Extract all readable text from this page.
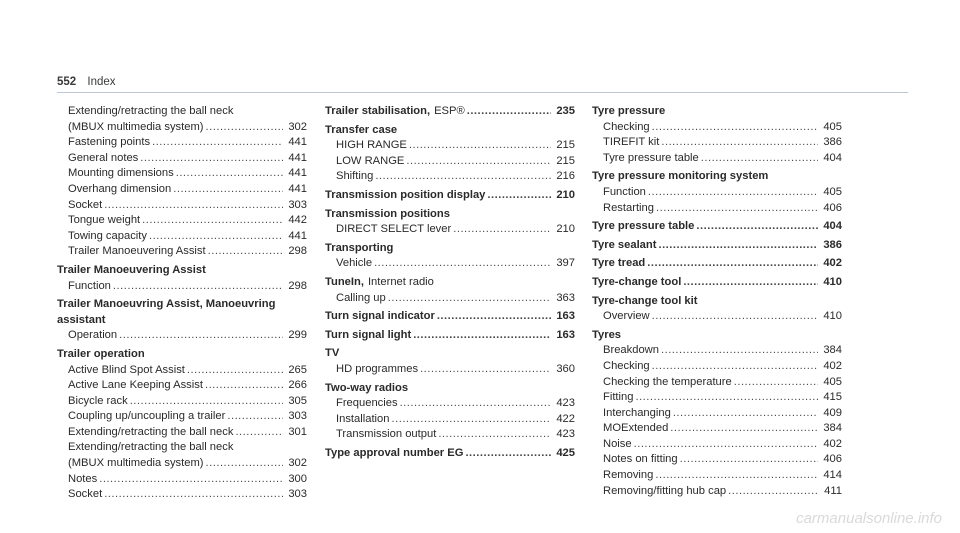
552 Index
Extending/retracting the ball neck
(MBUX multimedia system) .....	302
Fastening points .....	441
General notes .....	441
Mounting dimensions .....	441
Overhang dimension .....	441
Socket .....	303
Tongue weight .....	442
Towing capacity .....	441
Trailer Manoeuvering Assist .....	298
Trailer Manoeuvering Assist
Function .....	298
Trailer Manoeuvring Assist, Manoeuvring
assistant
Operation .....	299
Trailer operation
Active Blind Spot Assist .....	265
Active Lane Keeping Assist .....	266
Bicycle rack .....	305
Coupling up/uncoupling a trailer .....	303
Extending/retracting the ball neck .....	301
Extending/retracting the ball neck
(MBUX multimedia system) .....	302
Notes .....	300
Socket .....	303
Trailer stabilisation, ESP® .....	235
Transfer case
HIGH RANGE .....	215
LOW RANGE .....	215
Shifting .....	216
Transmission position display .....	210
Transmission positions
DIRECT SELECT lever .....	210
Transporting
Vehicle .....	397
TuneIn, Internet radio
Calling up .....	363
Turn signal indicator .....	163
Turn signal light .....	163
TV
HD programmes .....	360
Two-way radios
Frequencies .....	423
Installation .....	422
Transmission output .....	423
Type approval number EG .....	425
Tyre pressure
Checking .....	405
TIREFIT kit .....	386
Tyre pressure table .....	404
Tyre pressure monitoring system
Function .....	405
Restarting .....	406
Tyre pressure table .....	404
Tyre sealant .....	386
Tyre tread .....	402
Tyre-change tool .....	410
Tyre-change tool kit
Overview .....	410
Tyres
Breakdown .....	384
Checking .....	402
Checking the temperature .....	405
Fitting .....	415
Interchanging .....	409
MOExtended .....	384
Noise .....	402
Notes on fitting .....	406
Removing .....	414
Removing/fitting hub cap .....	411
carmanualsonline.info
